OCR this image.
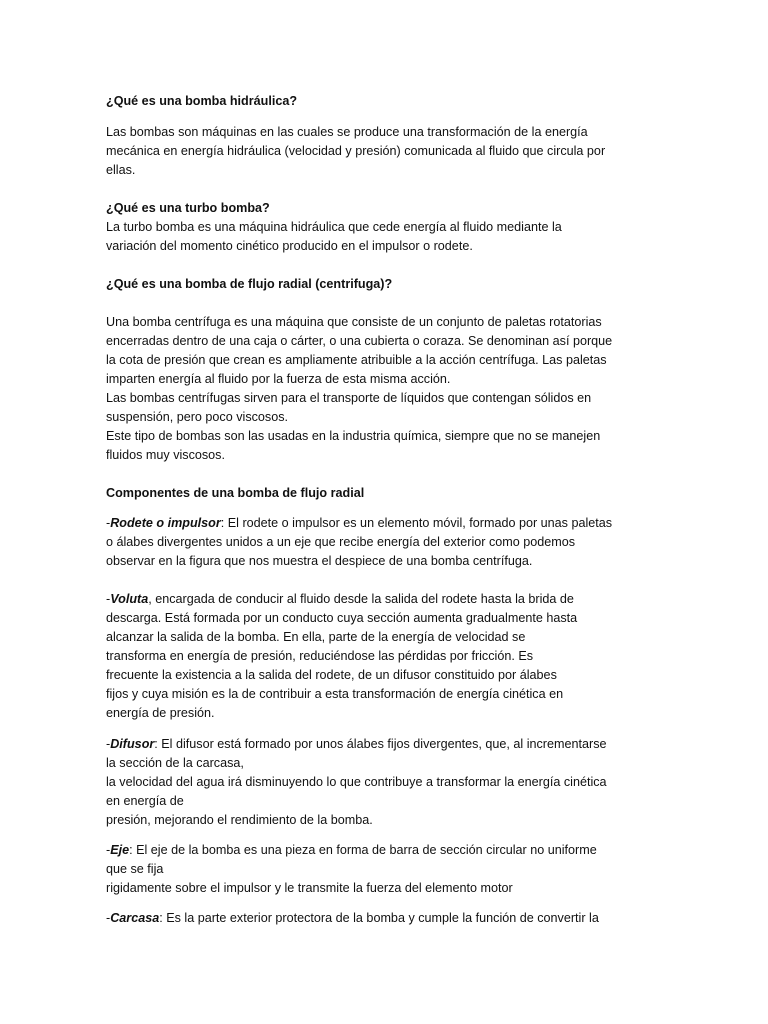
¿Qué es una bomba hidráulica?
Las bombas son máquinas en las cuales se produce una transformación de la energía
mecánica en energía hidráulica (velocidad y presión) comunicada al fluido que circula por
ellas.
¿Qué es una turbo bomba?
La turbo bomba es una máquina hidráulica que cede energía al fluido mediante la
variación del momento cinético producido en el impulsor o rodete.
¿Qué es una bomba de flujo radial (centrifuga)?
Una bomba centrífuga es una máquina que consiste de un conjunto de paletas rotatorias
encerradas dentro de una caja o cárter, o una cubierta o coraza. Se denominan así porque
la cota de presión que crean es ampliamente atribuible a la acción centrífuga. Las paletas
imparten energía al fluido por la fuerza de esta misma acción.
Las bombas centrífugas sirven para el transporte de líquidos que contengan sólidos en
suspensión, pero poco viscosos.
Este tipo de bombas son las usadas en la industria química, siempre que no se manejen
fluidos muy viscosos.
Componentes de una bomba de flujo radial
-Rodete o impulsor: El rodete o impulsor es un elemento móvil, formado por unas paletas
o álabes divergentes unidos a un eje que recibe energía del exterior como podemos
observar en la figura que nos muestra el despiece de una bomba centrífuga.
-Voluta, encargada de conducir al fluido desde la salida del rodete hasta la brida de
descarga. Está formada por un conducto cuya sección aumenta gradualmente hasta
alcanzar la salida de la bomba. En ella, parte de la energía de velocidad se
transforma en energía de presión, reduciéndose las pérdidas por fricción. Es
frecuente la existencia a la salida del rodete, de un difusor constituido por álabes
fijos y cuya misión es la de contribuir a esta transformación de energía cinética en
energía de presión.
-Difusor: El difusor está formado por unos álabes fijos divergentes, que, al incrementarse
la sección de la carcasa,
la velocidad del agua irá disminuyendo lo que contribuye a transformar la energía cinética
en energía de
presión, mejorando el rendimiento de la bomba.
-Eje: El eje de la bomba es una pieza en forma de barra de sección circular no uniforme
que se fija
rigidamente sobre el impulsor y le transmite la fuerza del elemento motor
-Carcasa: Es la parte exterior protectora de la bomba y cumple la función de convertir la
